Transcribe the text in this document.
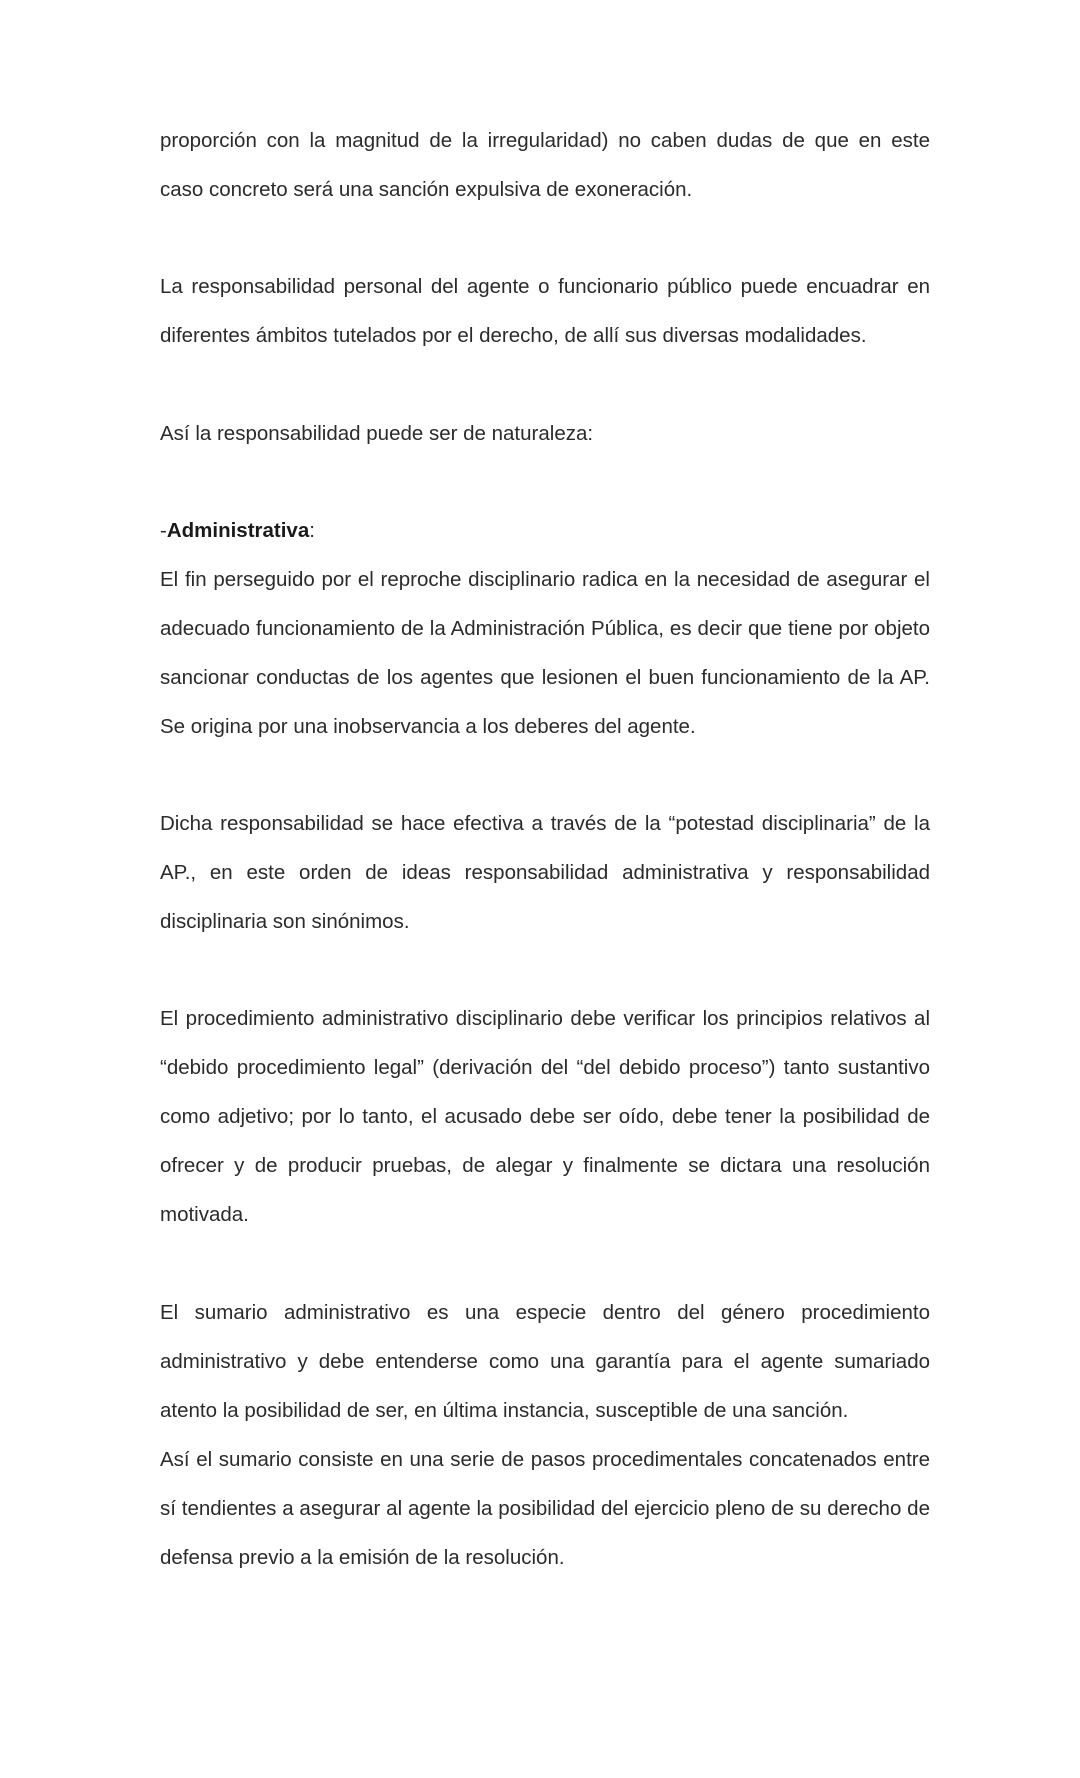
proporción con la magnitud de la irregularidad) no caben dudas de que en este

caso concreto será una sanción expulsiva de exoneración.

La responsabilidad personal del agente o funcionario público puede encuadrar en diferentes ámbitos tutelados por el derecho, de allí sus diversas modalidades.

Así la responsabilidad puede ser de naturaleza:

-Administrativa:

El fin perseguido por el reproche disciplinario radica en la necesidad de asegurar el adecuado funcionamiento de la Administración Pública, es decir que tiene por objeto sancionar conductas de los agentes que lesionen el buen funcionamiento de la AP. Se origina por una inobservancia a los deberes del agente.

Dicha responsabilidad se hace efectiva a través de la “potestad disciplinaria” de la AP., en este orden de ideas responsabilidad administrativa y responsabilidad disciplinaria son sinónimos.

El procedimiento administrativo disciplinario debe verificar los principios relativos al “debido procedimiento legal” (derivación del “del debido proceso”) tanto sustantivo como adjetivo; por lo tanto, el acusado debe ser oído, debe tener la posibilidad de ofrecer y de producir pruebas, de alegar y finalmente se dictara una resolución motivada.

El sumario administrativo es una especie dentro del género procedimiento administrativo y debe entenderse como una garantía para el agente sumariado atento la posibilidad de ser, en última instancia, susceptible de una sanción.

Así el sumario consiste en una serie de pasos procedimentales concatenados entre sí tendientes a asegurar al agente la posibilidad del ejercicio pleno de su derecho de defensa previo a la emisión de la resolución.
